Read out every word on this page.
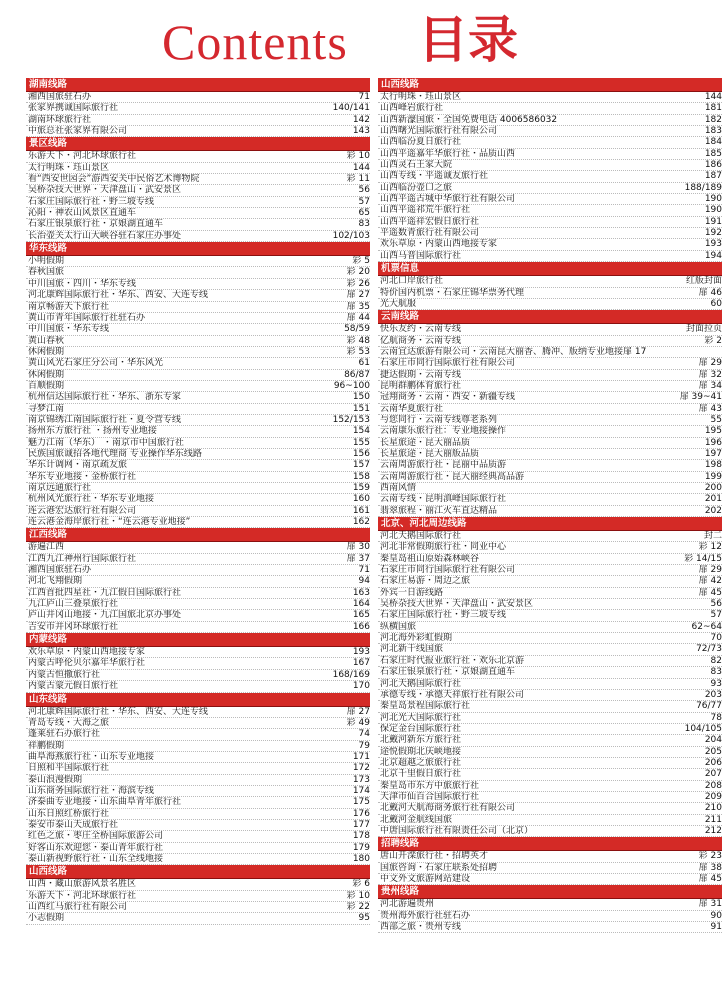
Contents 目录
湖南线路
湘西国旅驻石办	71
张家界携诚国际旅行社	140/141
湖南环球旅行社	142
中旅总社张家界有限公司	143
景区线路
乐游天下・河北环球旅行社	彩 10
太行明珠・珏山景区	144
看“西安世园会”游西安关中民俗艺术博物院	彩 11
吴桥杂技大世界・天津盘山・武安景区	56
石家庄国际旅行社・野三坡专线	57
沁阳・神农山风景区直通车	65
石家庄银泉旅行社・京娘湖直通车	83
长治壶关太行山大峡谷驻石家庄办事处	102/103
华东线路
小明假期	彩 5
春秋国旅	彩 20
中川国旅・四川・华东专线	彩 26
河北康辉国际旅行社・华东、西安、大连专线	扉 27
南京畅游天下旅行社	扉 35
黄山市青年国际旅行社驻石办	扉 44
中川国旅・华东专线	58/59
黄山春秋	彩 48
休闲假期	彩 53
黄山风光石家庄分公司・华东风光	61
休闲假期	86/87
百顺假期	96~100
杭州信达国际旅行社・华东、浙东专家	150
寻梦江南	151
南京锦绣江南国际旅行社・夏令营专线	152/153
扬州东方旅行社 ・扬州专业地接	154
魅力江南（华东） ・南京市中国旅行社	155
民族国旅诚招各地代理商 专业操作华东线路	156
华东计调网・南京疏友旅	157
华东专业地接・金桥旅行社	158
南京远通旅行社	159
杭州风光旅行社・华东专业地接	160
连云港宏达旅行社有限公司	161
连云港金海岸旅行社・“连云港专业地接”	162
江西线路
游遍江西	扉 30
江西九江神州行国际旅行社	扉 37
湘西国旅驻石办	71
河北飞翔假期	94
江西首批四星社・九江假日国际旅行社	163
九江庐山三叠泉旅行社	164
庐山井冈山地接・九江国旅北京办事处	165
吉安市井冈环球旅行社	166
内蒙线路
欢乐草原・内蒙山西地接专家	193
内蒙古呼伦贝尔嘉年华旅行社	167
内蒙古恒撒旅行社	168/169
内蒙古蒙元假日旅行社	170
山东线路
河北康辉国际旅行社・华东、西安、大连专线	扉 27
青岛专线・大海之旅	彩 49
蓬莱驻石办旅行社	74
祥鹏假期	79
曲阜海燕旅行社・山东专业地接	171
日照和平国际旅行社	172
泰山浪漫假期	173
山东商务国际旅行社・海滨专线	174
济泰曲专业地接・山东曲阜青年旅行社	175
山东日照红桥旅行社	176
泰安市泰山天成旅行社	177
红色之旅・枣庄全桥国际旅游公司	178
好客山东欢迎您・泰山青年旅行社	179
泰山新视野旅行社・山东全线地接	180
山西线路
山西・藏山旅游风景名胜区	彩 6
乐游天下・河北环球旅行社	彩 10
山西红马旅行社有限公司	彩 22
小志假期	95
山西线路
太行明珠・珏山景区	144
山西峰岩旅行社	181
山西新濠国旅・全国免费电话 4006586032	182
山西曙光国际旅行社有限公司	183
山西临汾夏日旅行社	184
山西平遥嘉年华旅行社・品质山西	185
山西灵石王家大院	186
山西专线・平遥诚友旅行社	187
山西临汾壶口之旅	188/189
山西平遥古城中华旅行社有限公司	190
山西平遥祁荒牛旅行社	190
山西平遥祥宏假日旅行社	191
平遥数青旅行社有限公司	192
欢乐草原・内蒙山西地接专家	193
山西马普国际旅行社	194
机票信息
河北口岸旅行社	红版封面
特价国内机票・石家庄锦华票务代理	扉 46
光大航服	60
云南线路
快乐友约・云南专线	封面拉页
亿航商务・云南专线	彩 2
云南宜达旅游有限公司・云南昆大丽香、腾冲、版纳专业地接扉 17
石家庄市同行国际旅行社有限公司	扉 29
捷达假期・云南专线	扉 32
昆明群鹏体育旅行社	扉 34
冠翔商务・云南・西安・新疆专线	扉 39~41
云南华夏旅行社	扉 43
与您同行・云南专线尊老系列	55
云南康乐旅行社：专业地接操作	195
长星旅途・昆大丽品质	196
长星旅途・昆大丽版品质	197
云南周游旅行社・昆丽中品质游	198
云南周游旅行社・昆大丽经典高品游	199
西南风情	200
云南专线・昆明滇峰国际旅行社	201
翡翠旅程・丽江火车直达精品	202
北京、河北周边线路
河北天鹅国际旅行社	封二
河北非常假期旅行社・同业中心	彩 12
秦皇岛祖山原始森林峡谷	彩 14/15
石家庄市同行国际旅行社有限公司	扉 29
石家庄易游・周边之旅	扉 42
外宾一日游线路	扉 45
吴桥杂技大世界・天津盘山・武安景区	56
石家庄国际旅行社・野三坡专线	57
纵横国旅	62~64
河北海外彩虹假期	70
河北新干线国旅	72/73
石家庄时代报业旅行社・欢乐北京游	82
石家庄银泉旅行社・京娘湖直通车	83
河北天鹅国际旅行社	93
承德专线・承德天祥旅行社有限公司	203
秦皇岛景程国际旅行社	76/77
河北光大国际旅行社	78
保定金台国际旅行社	104/105
北戴河新东方旅行社	204
途悦假期北庆峡地接	205
北京超越之旅旅行社	206
北京千里假日旅行社	207
秦皇岛市东方中旅旅行社	208
天津市仙百合国际旅行社	209
北戴河大航海商务旅行社有限公司	210
北戴河金航线国旅	211
中唐国际旅行社有限责任公司（北京）	212
招聘线路
唐山开滦旅行社・招聘英才	彩 23
国旅咨询・石家庄联系处招聘	扉 38
中文外文旅游网站建设	扉 45
贵州线路
河北游遍贵州	扉 31
贵州海外旅行社驻石办	90
西部之旅・贵州专线	91
